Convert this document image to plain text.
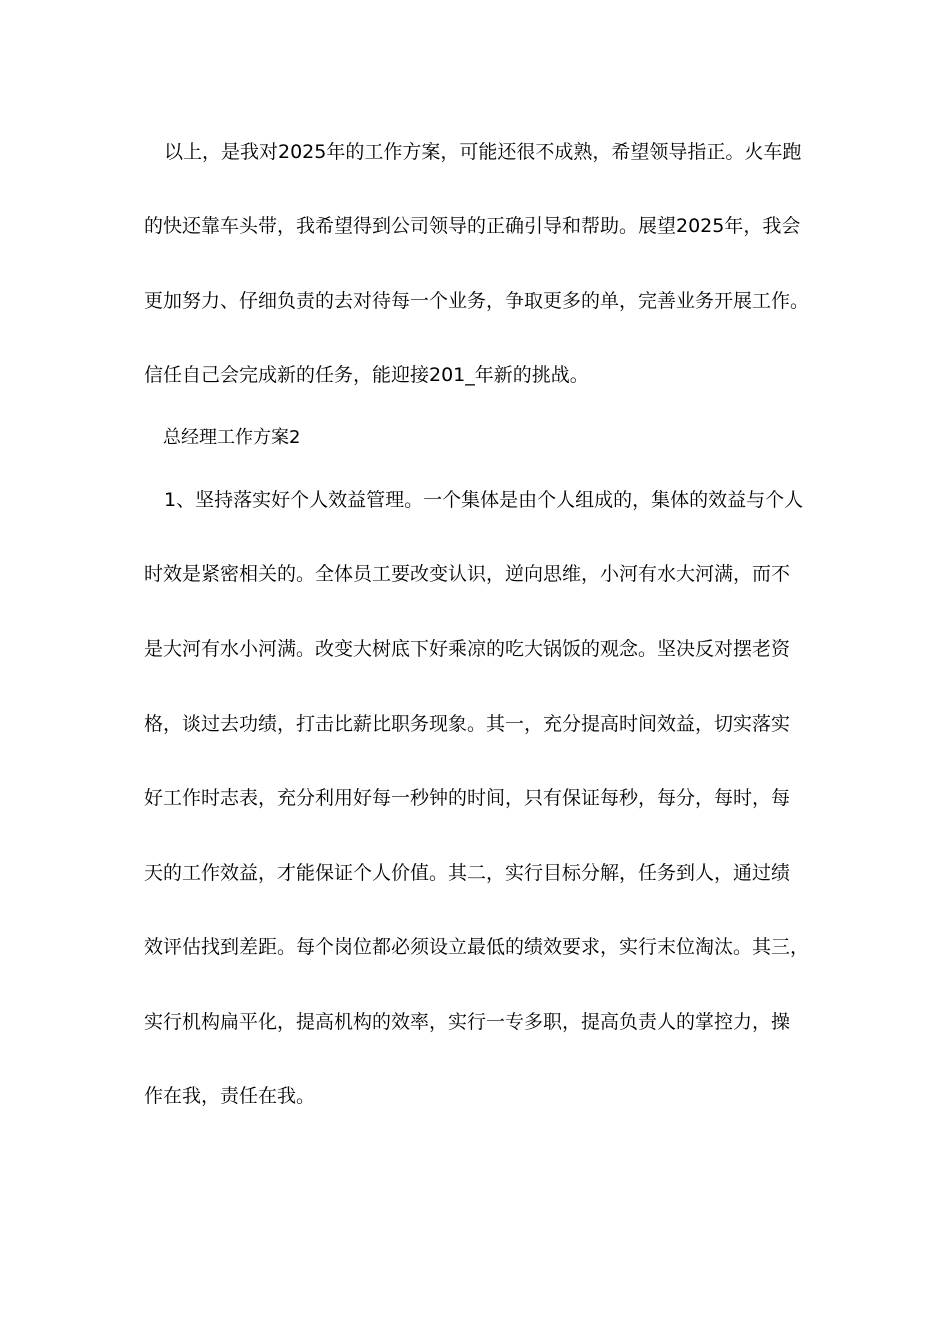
以上，是我对2025年的工作方案，可能还很不成熟，希望领导指正。火车跑
的快还靠车头带，我希望得到公司领导的正确引导和帮助。展望2025年，我会
更加努力、仔细负责的去对待每一个业务，争取更多的单，完善业务开展工作。
信任自己会完成新的任务，能迎接201_年新的挑战。
总经理工作方案2
1、坚持落实好个人效益管理。一个集体是由个人组成的，集体的效益与个人
时效是紧密相关的。全体员工要改变认识，逆向思维，小河有水大河满，而不
是大河有水小河满。改变大树底下好乘凉的吃大锅饭的观念。坚决反对摆老资
格，谈过去功绩，打击比薪比职务现象。其一，充分提高时间效益，切实落实
好工作时志表，充分利用好每一秒钟的时间，只有保证每秒，每分，每时，每
天的工作效益，才能保证个人价值。其二，实行目标分解，任务到人，通过绩
效评估找到差距。每个岗位都必须设立最低的绩效要求，实行末位淘汰。其三，
实行机构扁平化，提高机构的效率，实行一专多职，提高负责人的掌控力，操
作在我，责任在我。
